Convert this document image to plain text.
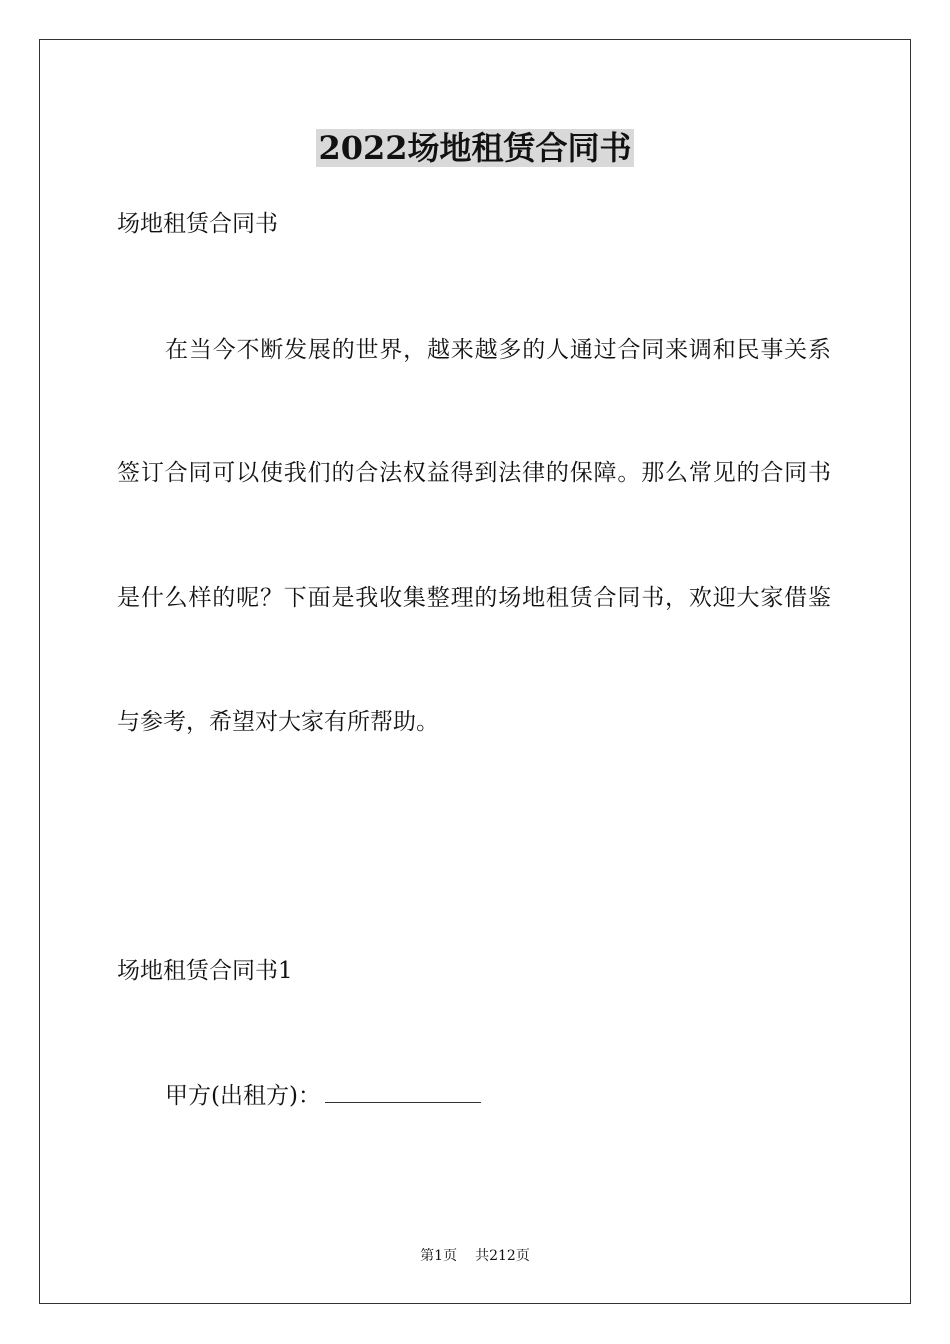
2022场地租赁合同书
场地租赁合同书
在当今不断发展的世界，越来越多的人通过合同来调和民事关系
签订合同可以使我们的合法权益得到法律的保障。那么常见的合同书
是什么样的呢？下面是我收集整理的场地租赁合同书，欢迎大家借鉴
与参考，希望对大家有所帮助。
场地租赁合同书1
甲方(出租方)：
第1页 共212页
